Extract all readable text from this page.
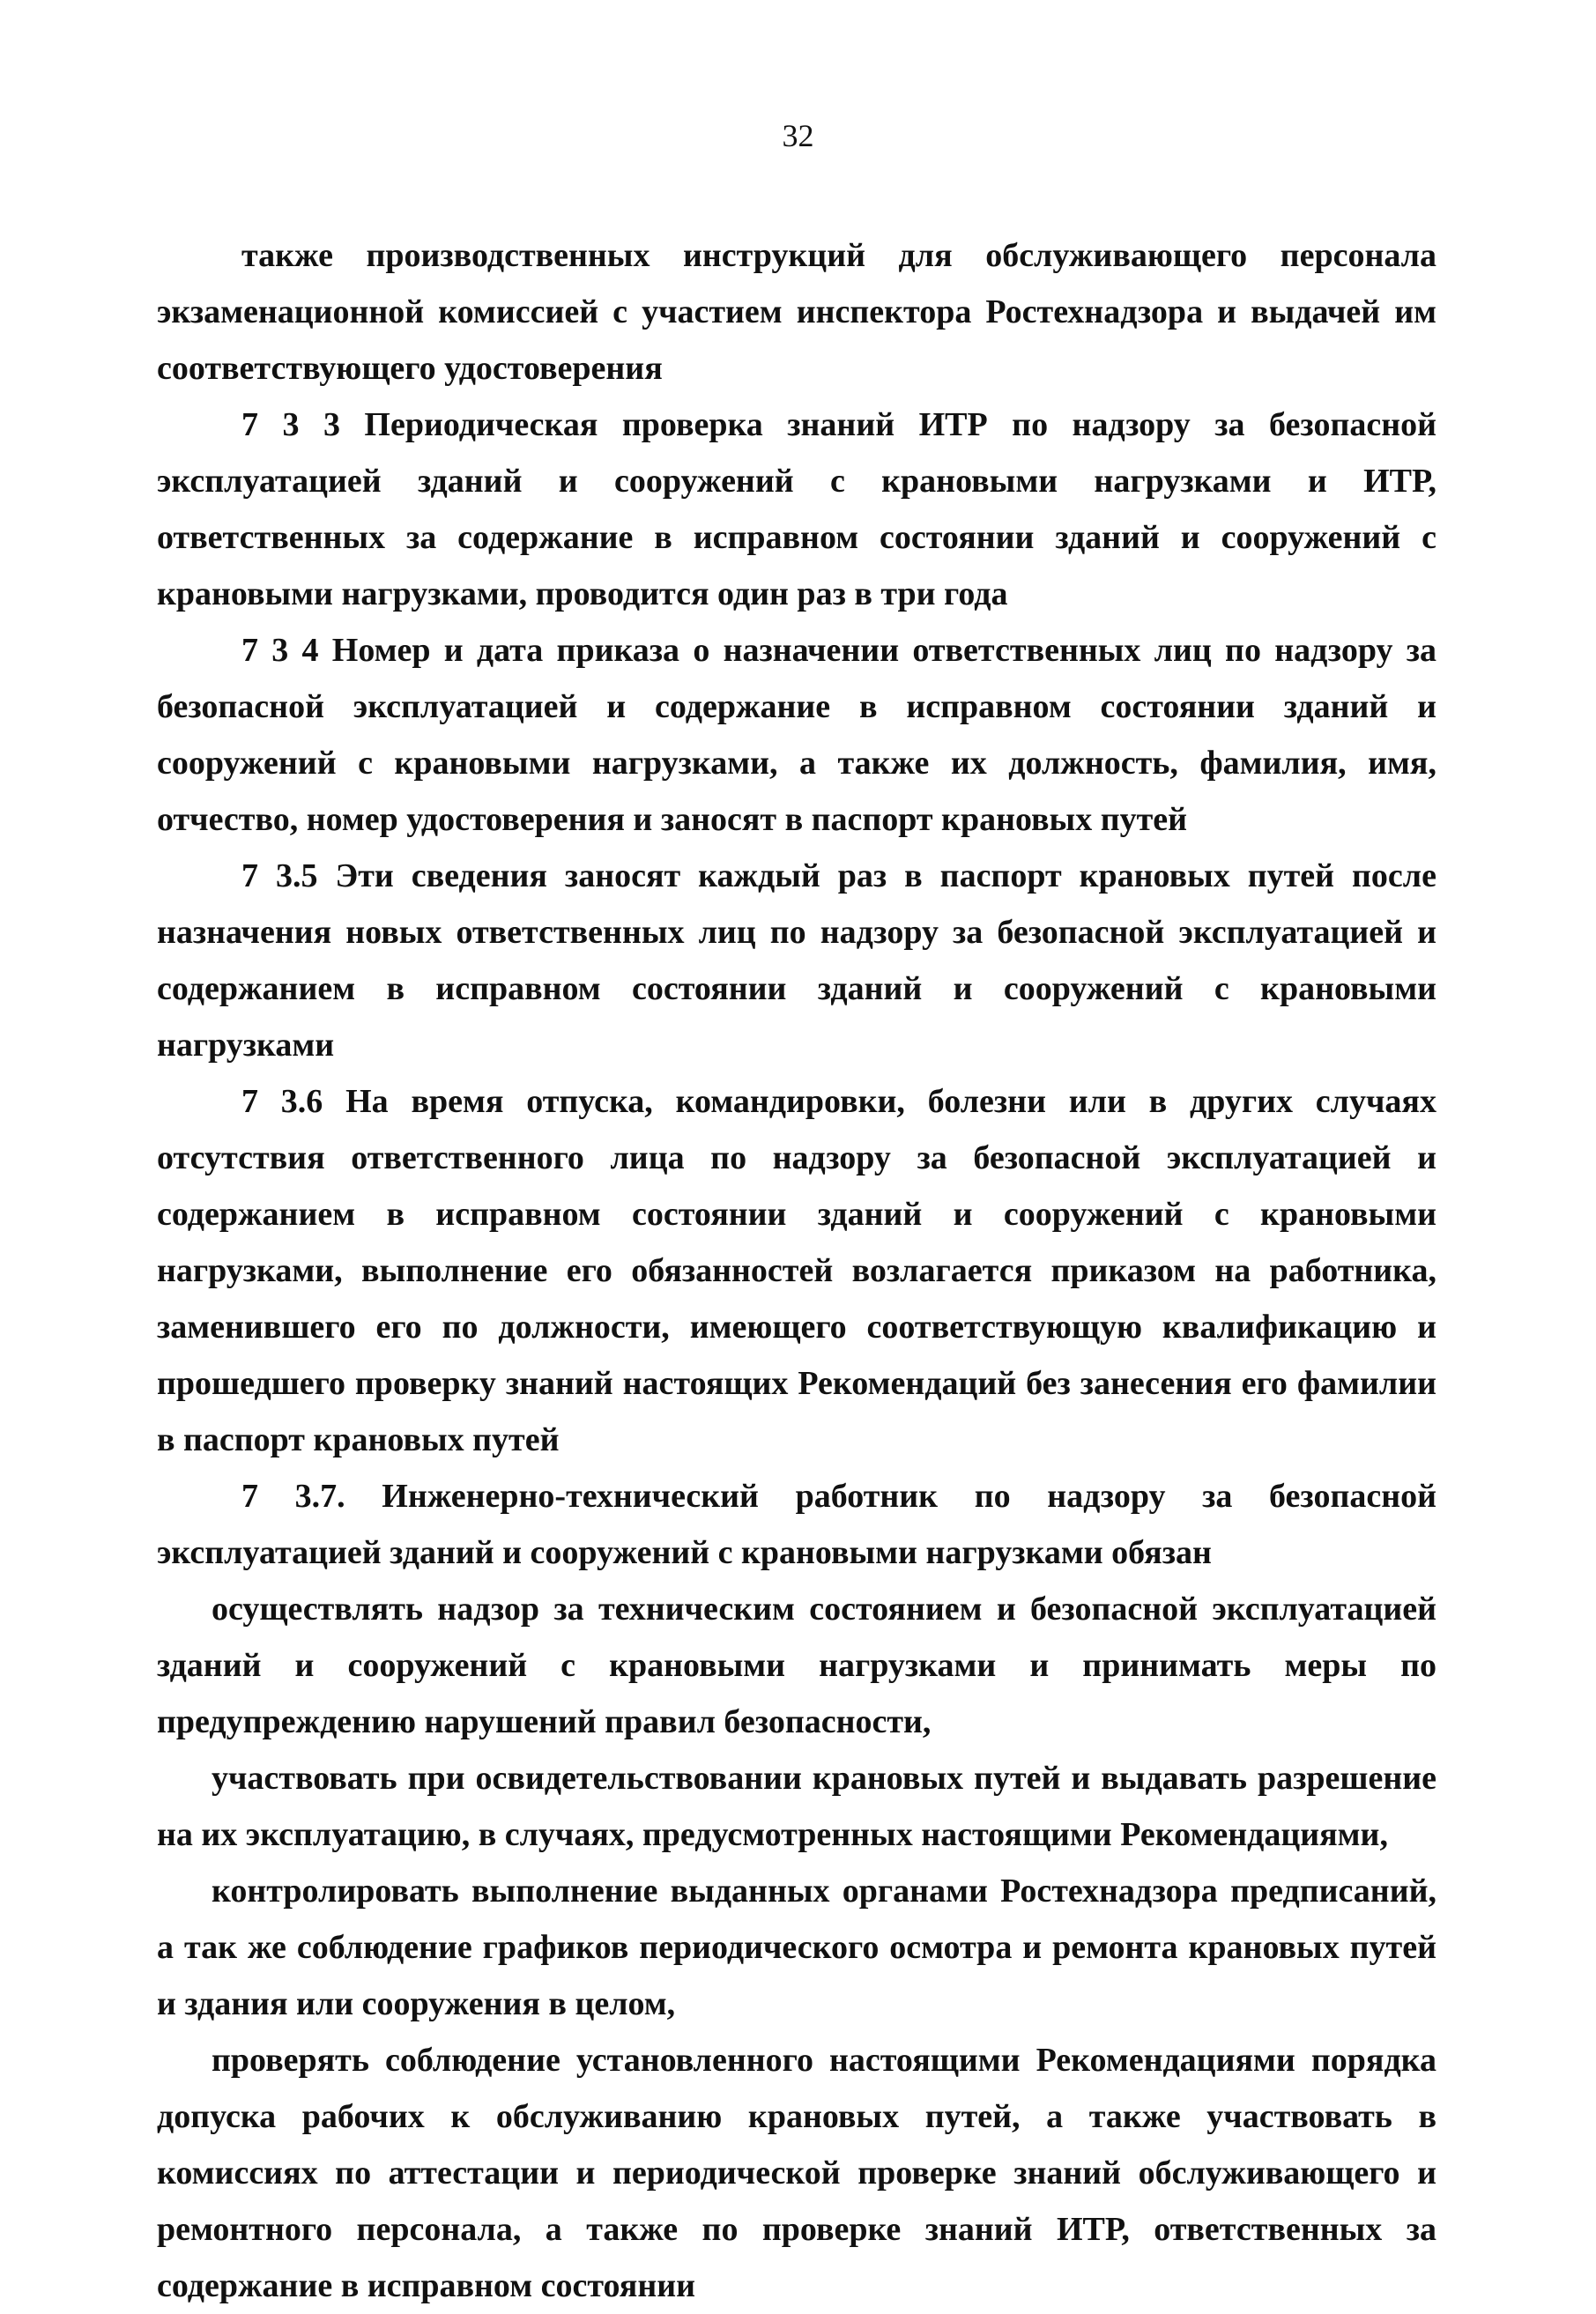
32

также производственных инструкций для обслуживающего персонала экзаменационной комиссией с участием инспектора Ростехнадзора и выдачей им соответствующего удостоверения

7 3 3 Периодическая проверка знаний ИТР по надзору за безопасной эксплуатацией зданий и сооружений с крановыми нагрузками и ИТР, ответственных за содержание в исправном состоянии зданий и сооружений с крановыми нагрузками, проводится один раз в три года

7 3 4 Номер и дата приказа о назначении ответственных лиц по надзору за безопасной эксплуатацией и содержание в исправном состоянии зданий и сооружений с крановыми нагрузками, а также их должность, фамилия, имя, отчество, номер удостоверения и заносят в паспорт крановых путей

7 3.5 Эти сведения заносят каждый раз в паспорт крановых путей после назначения новых ответственных лиц по надзору за безопасной эксплуатацией и содержанием в исправном состоянии зданий и сооружений с крановыми нагрузками

7 3.6 На время отпуска, командировки, болезни или в других случаях отсутствия ответственного лица по надзору за безопасной эксплуатацией и содержанием в исправном состоянии зданий и сооружений с крановыми нагрузками, выполнение его обязанностей возлагается приказом на работника, заменившего его по должности, имеющего соответствующую квалификацию и прошедшего проверку знаний настоящих Рекомендаций без занесения его фамилии в паспорт крановых путей

7 3.7. Инженерно-технический работник по надзору за безопасной эксплуатацией зданий и сооружений с крановыми нагрузками обязан

осуществлять надзор за техническим состоянием и безопасной эксплуатацией зданий и сооружений с крановыми нагрузками и принимать меры по предупреждению нарушений правил безопасности,

участвовать при освидетельствовании крановых путей и выдавать разрешение на их эксплуатацию, в случаях, предусмотренных настоящими Рекомендациями,

контролировать выполнение выданных органами Ростехнадзора предписаний, а так же соблюдение графиков периодического осмотра и ремонта крановых путей и здания или сооружения в целом,

проверять соблюдение установленного настоящими Рекомендациями порядка допуска рабочих к обслуживанию крановых путей, а также участвовать в комиссиях по аттестации и периодической проверке знаний обслуживающего и ремонтного персонала, а также по проверке знаний ИТР, ответственных за содержание в исправном состоянии
